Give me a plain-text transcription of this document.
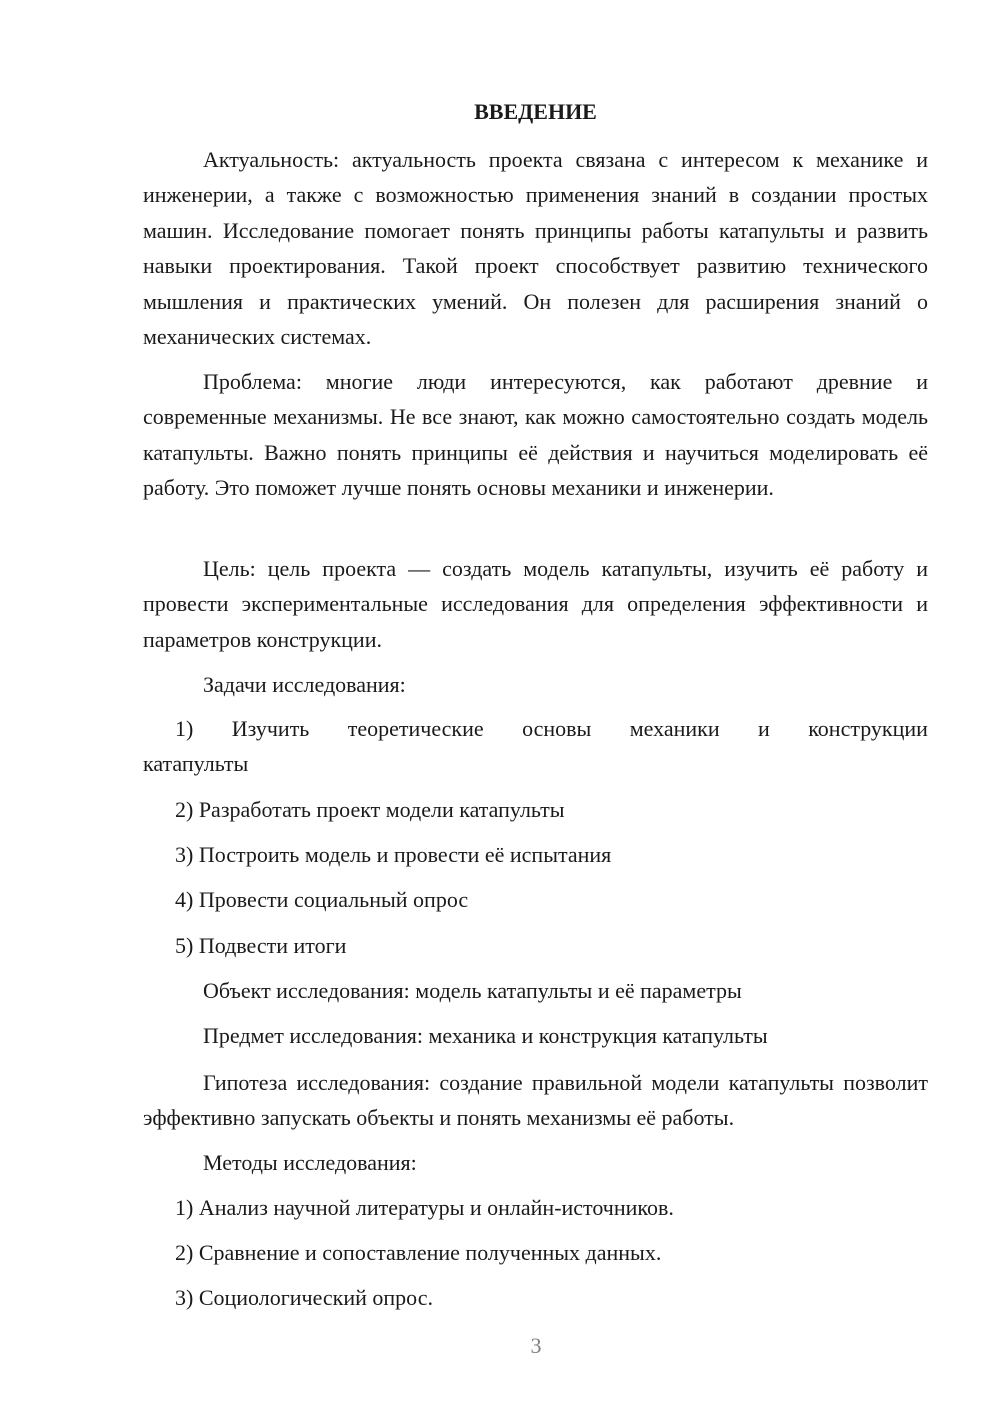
ВВЕДЕНИЕ

Актуальность: актуальность проекта связана с интересом к механике и инженерии, а также с возможностью применения знаний в создании простых машин. Исследование помогает понять принципы работы катапульты и развить навыки проектирования. Такой проект способствует развитию технического мышления и практических умений. Он полезен для расширения знаний о механических системах.

Проблема: многие люди интересуются, как работают древние и современные механизмы. Не все знают, как можно самостоятельно создать модель катапульты. Важно понять принципы её действия и научиться моделировать её работу. Это поможет лучше понять основы механики и инженерии.

Цель: цель проекта — создать модель катапульты, изучить её работу и провести экспериментальные исследования для определения эффективности и параметров конструкции.

Задачи исследования:

1) Изучить теоретические основы механики и конструкции
катапульты

2) Разработать проект модели катапульты

3) Построить модель и провести её испытания

4) Провести социальный опрос

5) Подвести итоги

Объект исследования: модель катапульты и её параметры

Предмет исследования: механика и конструкция катапульты

Гипотеза исследования: создание правильной модели катапульты позволит эффективно запускать объекты и понять механизмы её работы.

Методы исследования:

1) Анализ научной литературы и онлайн-источников.

2) Сравнение и сопоставление полученных данных.

3) Социологический опрос.

3
